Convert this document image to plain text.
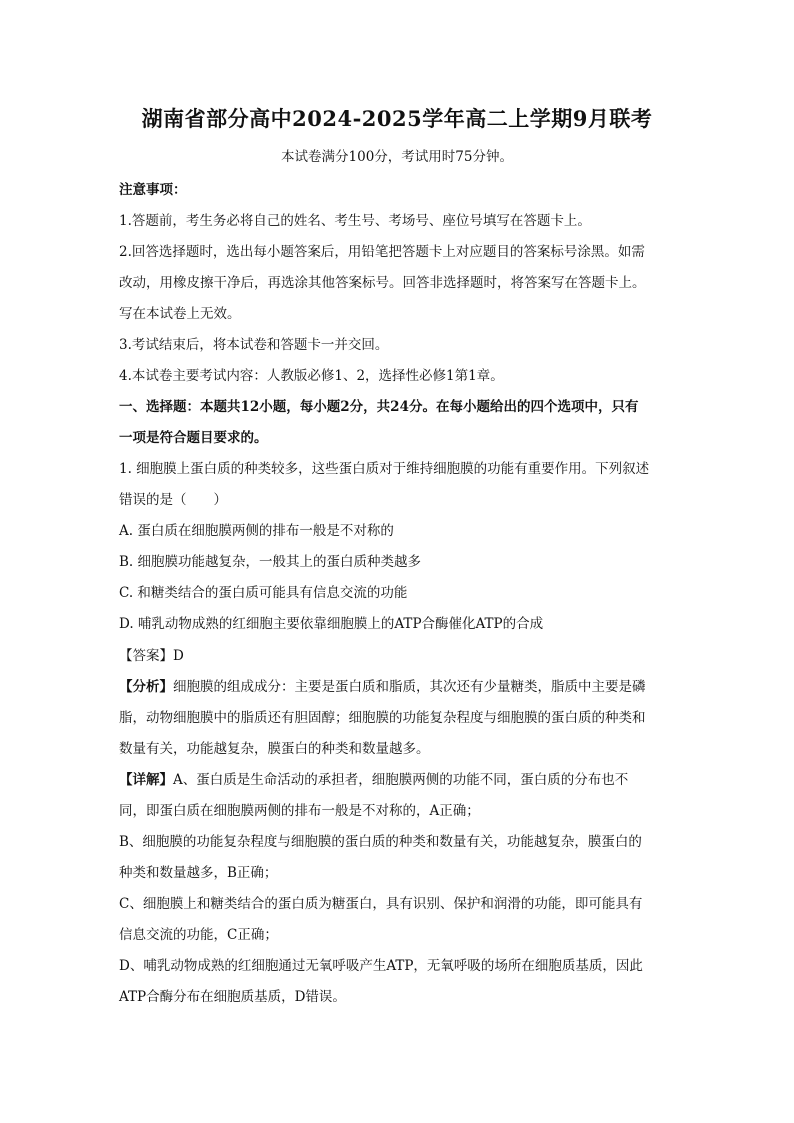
湖南省部分高中2024-2025学年高二上学期9月联考
本试卷满分100分，考试用时75分钟。
注意事项：
1.答题前，考生务必将自己的姓名、考生号、考场号、座位号填写在答题卡上。
2.回答选择题时，选出每小题答案后，用铅笔把答题卡上对应题目的答案标号涂黑。如需
改动，用橡皮擦干净后，再选涂其他答案标号。回答非选择题时，将答案写在答题卡上。
写在本试卷上无效。
3.考试结束后，将本试卷和答题卡一并交回。
4.本试卷主要考试内容：人教版必修1、2，选择性必修1第1章。
一、选择题：本题共12小题，每小题2分，共24分。在每小题给出的四个选项中，只有
一项是符合题目要求的。
1. 细胞膜上蛋白质的种类较多，这些蛋白质对于维持细胞膜的功能有重要作用。下列叙述
错误的是（　　）
A. 蛋白质在细胞膜两侧的排布一般是不对称的
B. 细胞膜功能越复杂，一般其上的蛋白质种类越多
C. 和糖类结合的蛋白质可能具有信息交流的功能
D. 哺乳动物成熟的红细胞主要依靠细胞膜上的ATP合酶催化ATP的合成
【答案】D
【分析】细胞膜的组成成分：主要是蛋白质和脂质，其次还有少量糖类，脂质中主要是磷
脂，动物细胞膜中的脂质还有胆固醇；细胞膜的功能复杂程度与细胞膜的蛋白质的种类和
数量有关，功能越复杂，膜蛋白的种类和数量越多。
【详解】A、蛋白质是生命活动的承担者，细胞膜两侧的功能不同，蛋白质的分布也不
同，即蛋白质在细胞膜两侧的排布一般是不对称的，A正确；
B、细胞膜的功能复杂程度与细胞膜的蛋白质的种类和数量有关，功能越复杂，膜蛋白的
种类和数量越多，B正确；
C、细胞膜上和糖类结合的蛋白质为糖蛋白，具有识别、保护和润滑的功能，即可能具有
信息交流的功能，C正确；
D、哺乳动物成熟的红细胞通过无氧呼吸产生ATP，无氧呼吸的场所在细胞质基质，因此
ATP合酶分布在细胞质基质，D错误。
